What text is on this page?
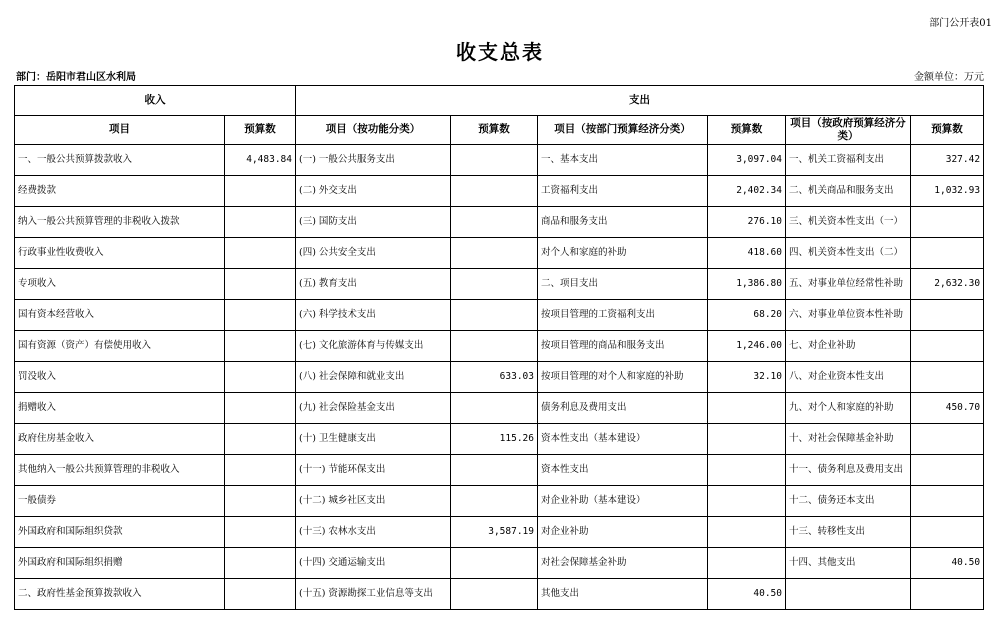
部门公开表01
收支总表
部门：岳阳市君山区水利局	金额单位：万元
收入		支出					
项目	预算数	项目（按功能分类）	预算数	项目（按部门预算经济分类）	预算数	项目（按政府预算经济分类）	预算数
一、一般公共预算拨款收入	4,483.84	(一) 一般公共服务支出		一、基本支出	3,097.04	一、机关工资福利支出	327.42
经费拨款		(二) 外交支出		工资福利支出	2,402.34	二、机关商品和服务支出	1,032.93
纳入一般公共预算管理的非税收入拨款		(三) 国防支出		商品和服务支出	276.10	三、机关资本性支出（一）	
行政事业性收费收入		(四) 公共安全支出		对个人和家庭的补助	418.60	四、机关资本性支出（二）	
专项收入		(五) 教育支出		二、项目支出	1,386.80	五、对事业单位经常性补助	2,632.30
国有资本经营收入		(六) 科学技术支出		按项目管理的工资福利支出	68.20	六、对事业单位资本性补助	
国有资源（资产）有偿使用收入		(七) 文化旅游体育与传媒支出		按项目管理的商品和服务支出	1,246.00	七、对企业补助	
罚没收入		(八) 社会保障和就业支出	633.03	按项目管理的对个人和家庭的补助	32.10	八、对企业资本性支出	
捐赠收入		(九) 社会保险基金支出		债务利息及费用支出		九、对个人和家庭的补助	450.70
政府住房基金收入		(十) 卫生健康支出	115.26	资本性支出（基本建设）		十、对社会保障基金补助	
其他纳入一般公共预算管理的非税收入		(十一) 节能环保支出		资本性支出		十一、债务利息及费用支出	
一般债券		(十二) 城乡社区支出		对企业补助（基本建设）		十二、债务还本支出	
外国政府和国际组织贷款		(十三) 农林水支出	3,587.19	对企业补助		十三、转移性支出	
外国政府和国际组织捐赠		(十四) 交通运输支出		对社会保障基金补助		十四、其他支出	40.50
二、政府性基金预算拨款收入		(十五) 资源勘探工业信息等支出		其他支出	40.50		
